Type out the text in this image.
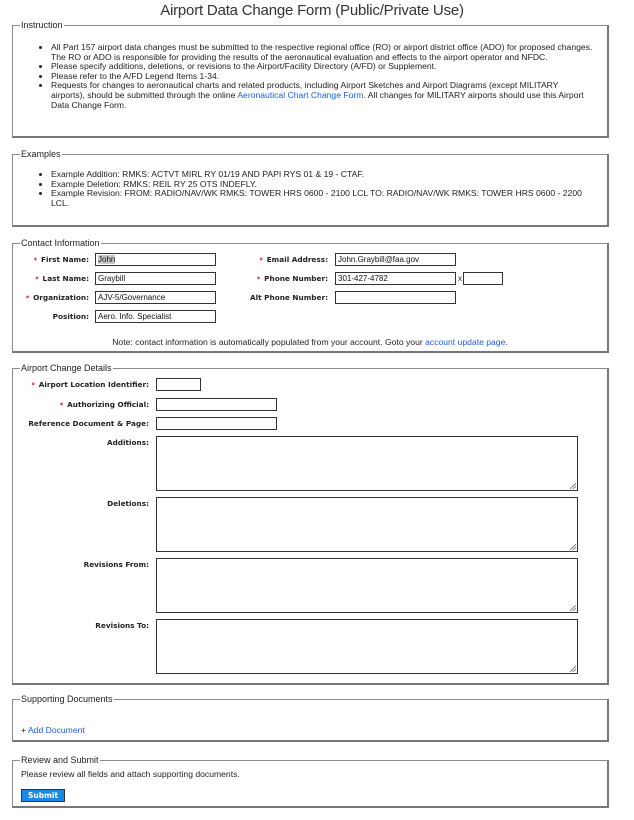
Airport Data Change Form (Public/Private Use)
Instruction
• All Part 157 airport data changes must be submitted to the respective regional office (RO) or airport district office (ADO) for proposed changes. The RO or ADO is responsible for providing the results of the aeronautical evaluation and effects to the airport operator and NFDC.
• Please specify additions, deletions, or revisions to the Airport/Facility Directory (A/FD) or Supplement.
• Please refer to the A/FD Legend Items 1-34.
• Requests for changes to aeronautical charts and related products, including Airport Sketches and Airport Diagrams (except MILITARY airports), should be submitted through the online Aeronautical Chart Change Form. All changes for MILITARY airports should use this Airport Data Change Form.
Examples
• Example Addition: RMKS: ACTVT MIRL RY 01/19 AND PAPI RYS 01 & 19 - CTAF.
• Example Deletion: RMKS: REIL RY 25 OTS INDEFLY.
• Example Revision: FROM: RADIO/NAV/WK RMKS: TOWER HRS 0600 - 2100 LCL TO: RADIO/NAV/WK RMKS: TOWER HRS 0600 - 2200 LCL.
Contact Information
• First Name:	John
• Last Name:	Graybill
• Organization:	AJV-5/Governance
Position:	Aero. Info. Specialist
• Email Address:	John.Graybill@faa.gov
• Phone Number:	301-427-4782	x
Alt Phone Number:
Note: contact information is automatically populated from your account. Goto your account update page.
Airport Change Details
• Airport Location Identifier:
• Authorizing Official:
Reference Document & Page:
Additions:
Deletions:
Revisions From:
Revisions To:
Supporting Documents
+ Add Document
Review and Submit
Please review all fields and attach supporting documents.
Submit
